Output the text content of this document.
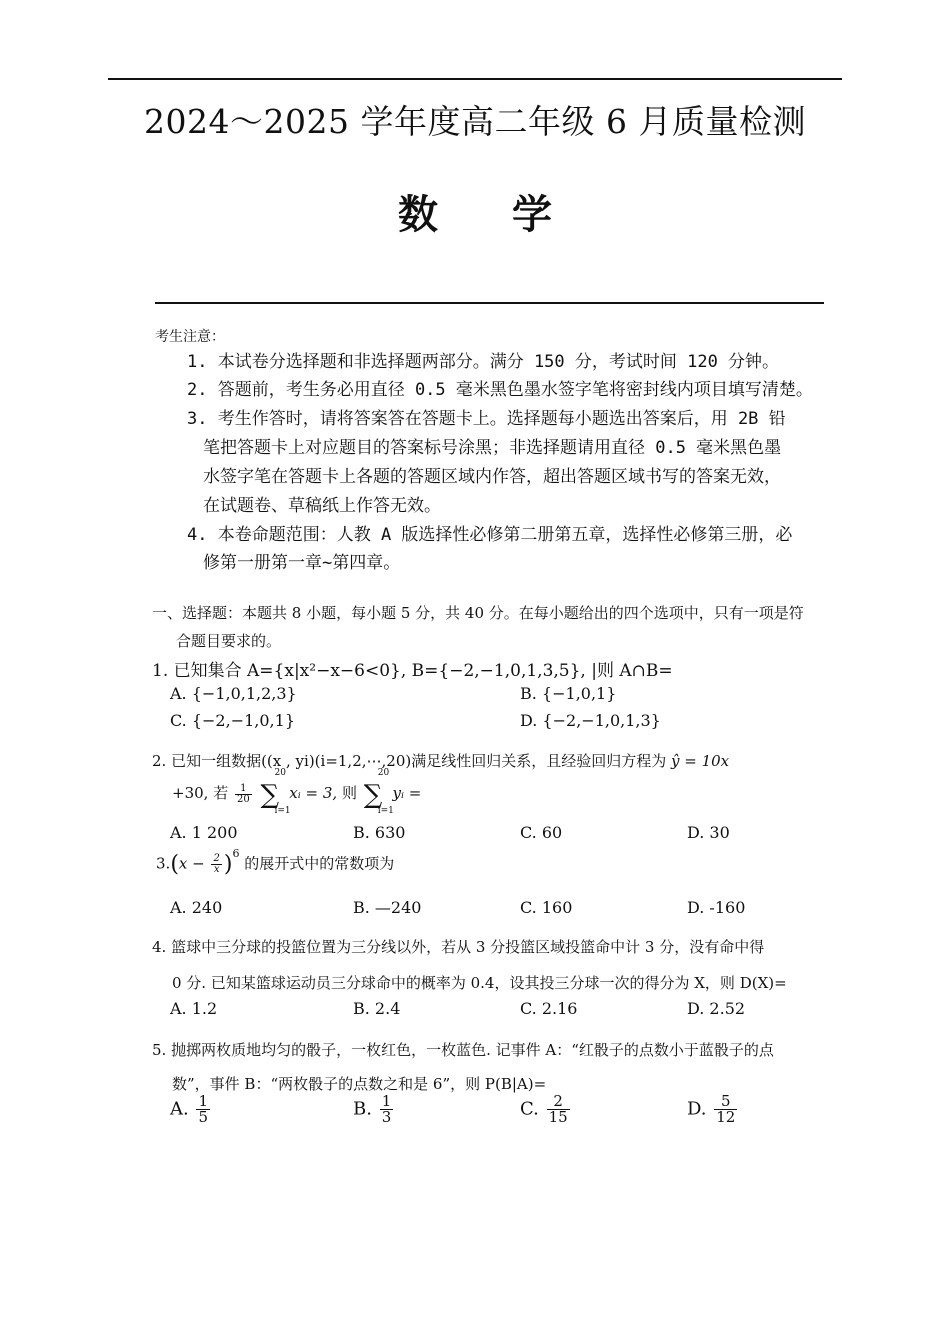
2024～2025 学年度高二年级 6 月质量检测
数 学
考生注意：
1. 本试卷分选择题和非选择题两部分。满分 150 分，考试时间 120 分钟。
2. 答题前，考生务必用直径 0.5 毫米黑色墨水签字笔将密封线内项目填写清楚。
3. 考生作答时，请将答案答在答题卡上。选择题每小题选出答案后，用 2B 铅
笔把答题卡上对应题目的答案标号涂黑；非选择题请用直径 0.5 毫米黑色墨
水签字笔在答题卡上各题的答题区域内作答，超出答题区域书写的答案无效，
在试题卷、草稿纸上作答无效。
4. 本卷命题范围：人教 A 版选择性必修第二册第五章，选择性必修第三册，必
修第一册第一章~第四章。
一、选择题：本题共 8 小题，每小题 5 分，共 40 分。在每小题给出的四个选项中，只有一项是符
合题目要求的。
1. 已知集合 A={x|x²−x−6<0}, B={−2,−1,0,1,3,5}, |则 A∩B=
A. {−1,0,1,2,3}	B. {−1,0,1}
C. {−2,−1,0,1}	D. {−2,−1,0,1,3}
2. 已知一组数据((x , yi)(i=1,2,⋯,20)满足线性回归关系，且经验回归方程为 ŷ = 10x
+30, 若 $\frac{1}{20}$
∑
20
i=1
xᵢ = 3, 则 ∑
20
i=1
yᵢ =
A. 1 200	B. 630	C. 60	D. 30
$3.(x - \frac{2}{x} )^6$ 的展开式中的常数项为
A. 240	B. —240	C. 160	D. -160
4. 篮球中三分球的投篮位置为三分线以外，若从 3 分投篮区域投篮命中计 3 分，没有命中得
0 分. 已知某篮球运动员三分球命中的概率为 0.4，设其投三分球一次的得分为 X，则 D(X)=
A. 1.2	B. 2.4	C. 2.16	D. 2.52
5. 抛掷两枚质地均匀的骰子，一枚红色，一枚蓝色. 记事件 A：“红骰子的点数小于蓝骰子的点
数”，事件 B：“两枚骰子的点数之和是 6”，则 P(B|A)=
A. $\frac{1}{5}$	B. $\frac{1}{3}$	C. $\frac{2}{15}$	D. $\frac{5}{12}$
